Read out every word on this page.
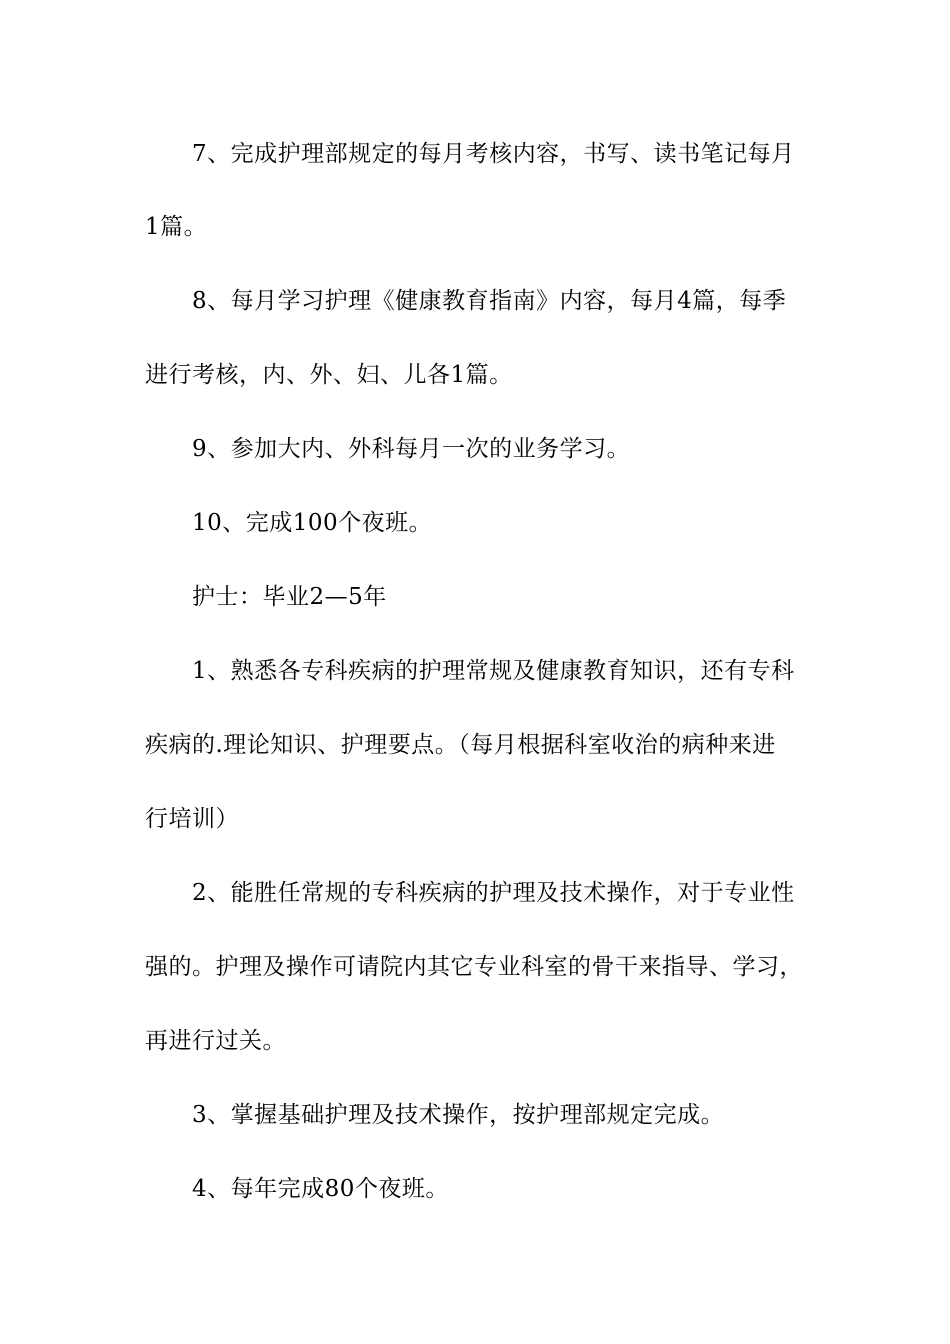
7、完成护理部规定的每月考核内容，书写、读书笔记每月
1篇。
8、每月学习护理《健康教育指南》内容，每月4篇，每季
进行考核，内、外、妇、儿各1篇。
9、参加大内、外科每月一次的业务学习。
10、完成100个夜班。
护士：毕业2—5年
1、熟悉各专科疾病的护理常规及健康教育知识，还有专科
疾病的.理论知识、护理要点。（每月根据科室收治的病种来进
行培训）
2、能胜任常规的专科疾病的护理及技术操作，对于专业性
强的。护理及操作可请院内其它专业科室的骨干来指导、学习，
再进行过关。
3、掌握基础护理及技术操作，按护理部规定完成。
4、每年完成80个夜班。
